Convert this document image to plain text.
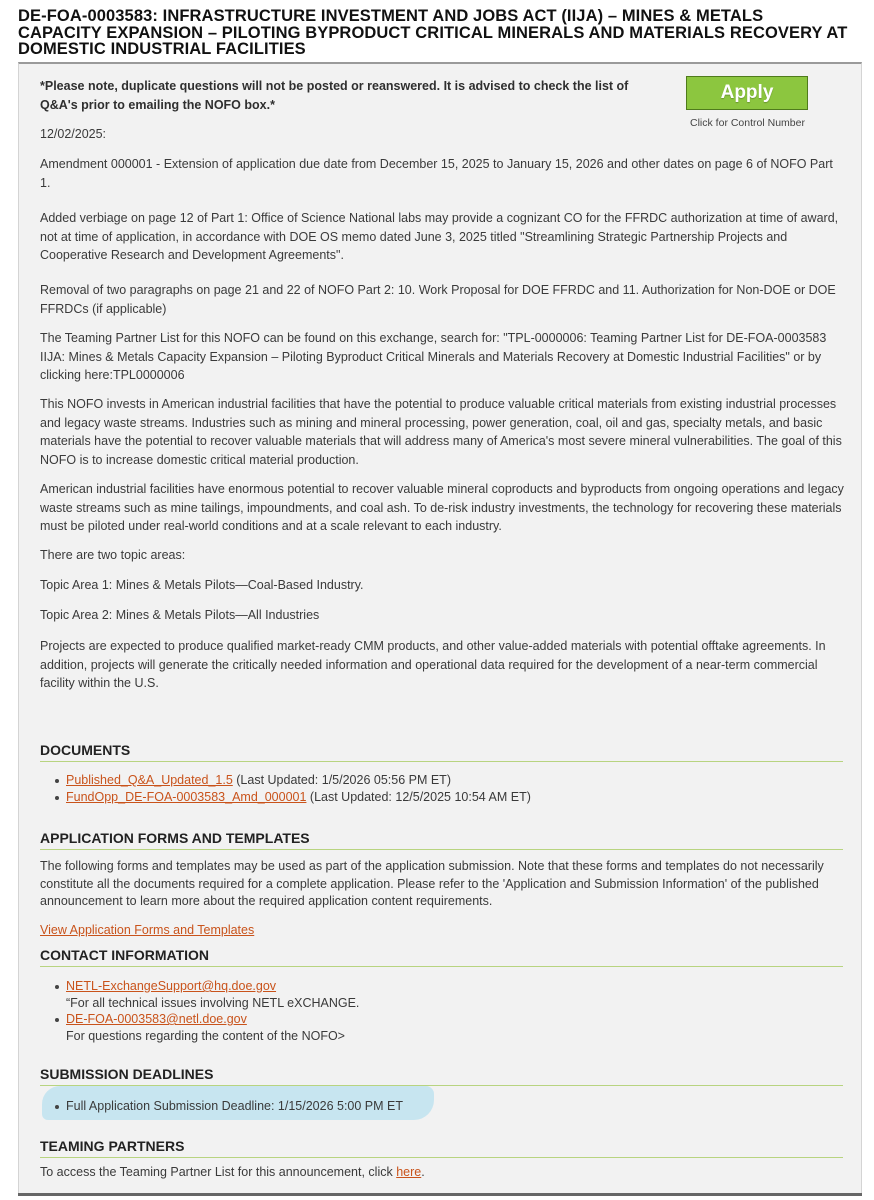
DE-FOA-0003583: INFRASTRUCTURE INVESTMENT AND JOBS ACT (IIJA) – MINES & METALS CAPACITY EXPANSION – PILOTING BYPRODUCT CRITICAL MINERALS AND MATERIALS RECOVERY AT DOMESTIC INDUSTRIAL FACILITIES
*Please note, duplicate questions will not be posted or reanswered. It is advised to check the list of Q&A's prior to emailing the NOFO box.*
Apply
Click for Control Number
12/02/2025:
Amendment 000001 - Extension of application due date from December 15, 2025 to January 15, 2026 and other dates on page 6 of NOFO Part 1.
Added verbiage on page 12 of Part 1: Office of Science National labs may provide a cognizant CO for the FFRDC authorization at time of award, not at time of application, in accordance with DOE OS memo dated June 3, 2025 titled "Streamlining Strategic Partnership Projects and Cooperative Research and Development Agreements".
Removal of two paragraphs on page 21 and 22 of NOFO Part 2: 10. Work Proposal for DOE FFRDC and 11. Authorization for Non-DOE or DOE FFRDCs (if applicable)
The Teaming Partner List for this NOFO can be found on this exchange, search for: "TPL-0000006: Teaming Partner List for DE-FOA-0003583 IIJA: Mines & Metals Capacity Expansion – Piloting Byproduct Critical Minerals and Materials Recovery at Domestic Industrial Facilities" or by clicking here:TPL0000006
This NOFO invests in American industrial facilities that have the potential to produce valuable critical materials from existing industrial processes and legacy waste streams. Industries such as mining and mineral processing, power generation, coal, oil and gas, specialty metals, and basic materials have the potential to recover valuable materials that will address many of America's most severe mineral vulnerabilities. The goal of this NOFO is to increase domestic critical material production.
American industrial facilities have enormous potential to recover valuable mineral coproducts and byproducts from ongoing operations and legacy waste streams such as mine tailings, impoundments, and coal ash. To de-risk industry investments, the technology for recovering these materials must be piloted under real-world conditions and at a scale relevant to each industry.
There are two topic areas:
Topic Area 1: Mines & Metals Pilots—Coal-Based Industry.
Topic Area 2: Mines & Metals Pilots—All Industries
Projects are expected to produce qualified market-ready CMM products, and other value-added materials with potential offtake agreements. In addition, projects will generate the critically needed information and operational data required for the development of a near-term commercial facility within the U.S.
DOCUMENTS
Published_Q&A_Updated_1.5 (Last Updated: 1/5/2026 05:56 PM ET)
FundOpp_DE-FOA-0003583_Amd_000001 (Last Updated: 12/5/2025 10:54 AM ET)
APPLICATION FORMS AND TEMPLATES
The following forms and templates may be used as part of the application submission. Note that these forms and templates do not necessarily constitute all the documents required for a complete application. Please refer to the 'Application and Submission Information' of the published announcement to learn more about the required application content requirements.
View Application Forms and Templates
CONTACT INFORMATION
NETL-ExchangeSupport@hq.doe.gov
“For all technical issues involving NETL eXCHANGE.
DE-FOA-0003583@netl.doe.gov
For questions regarding the content of the NOFO>
SUBMISSION DEADLINES
Full Application Submission Deadline: 1/15/2026 5:00 PM ET
TEAMING PARTNERS
To access the Teaming Partner List for this announcement, click here.
